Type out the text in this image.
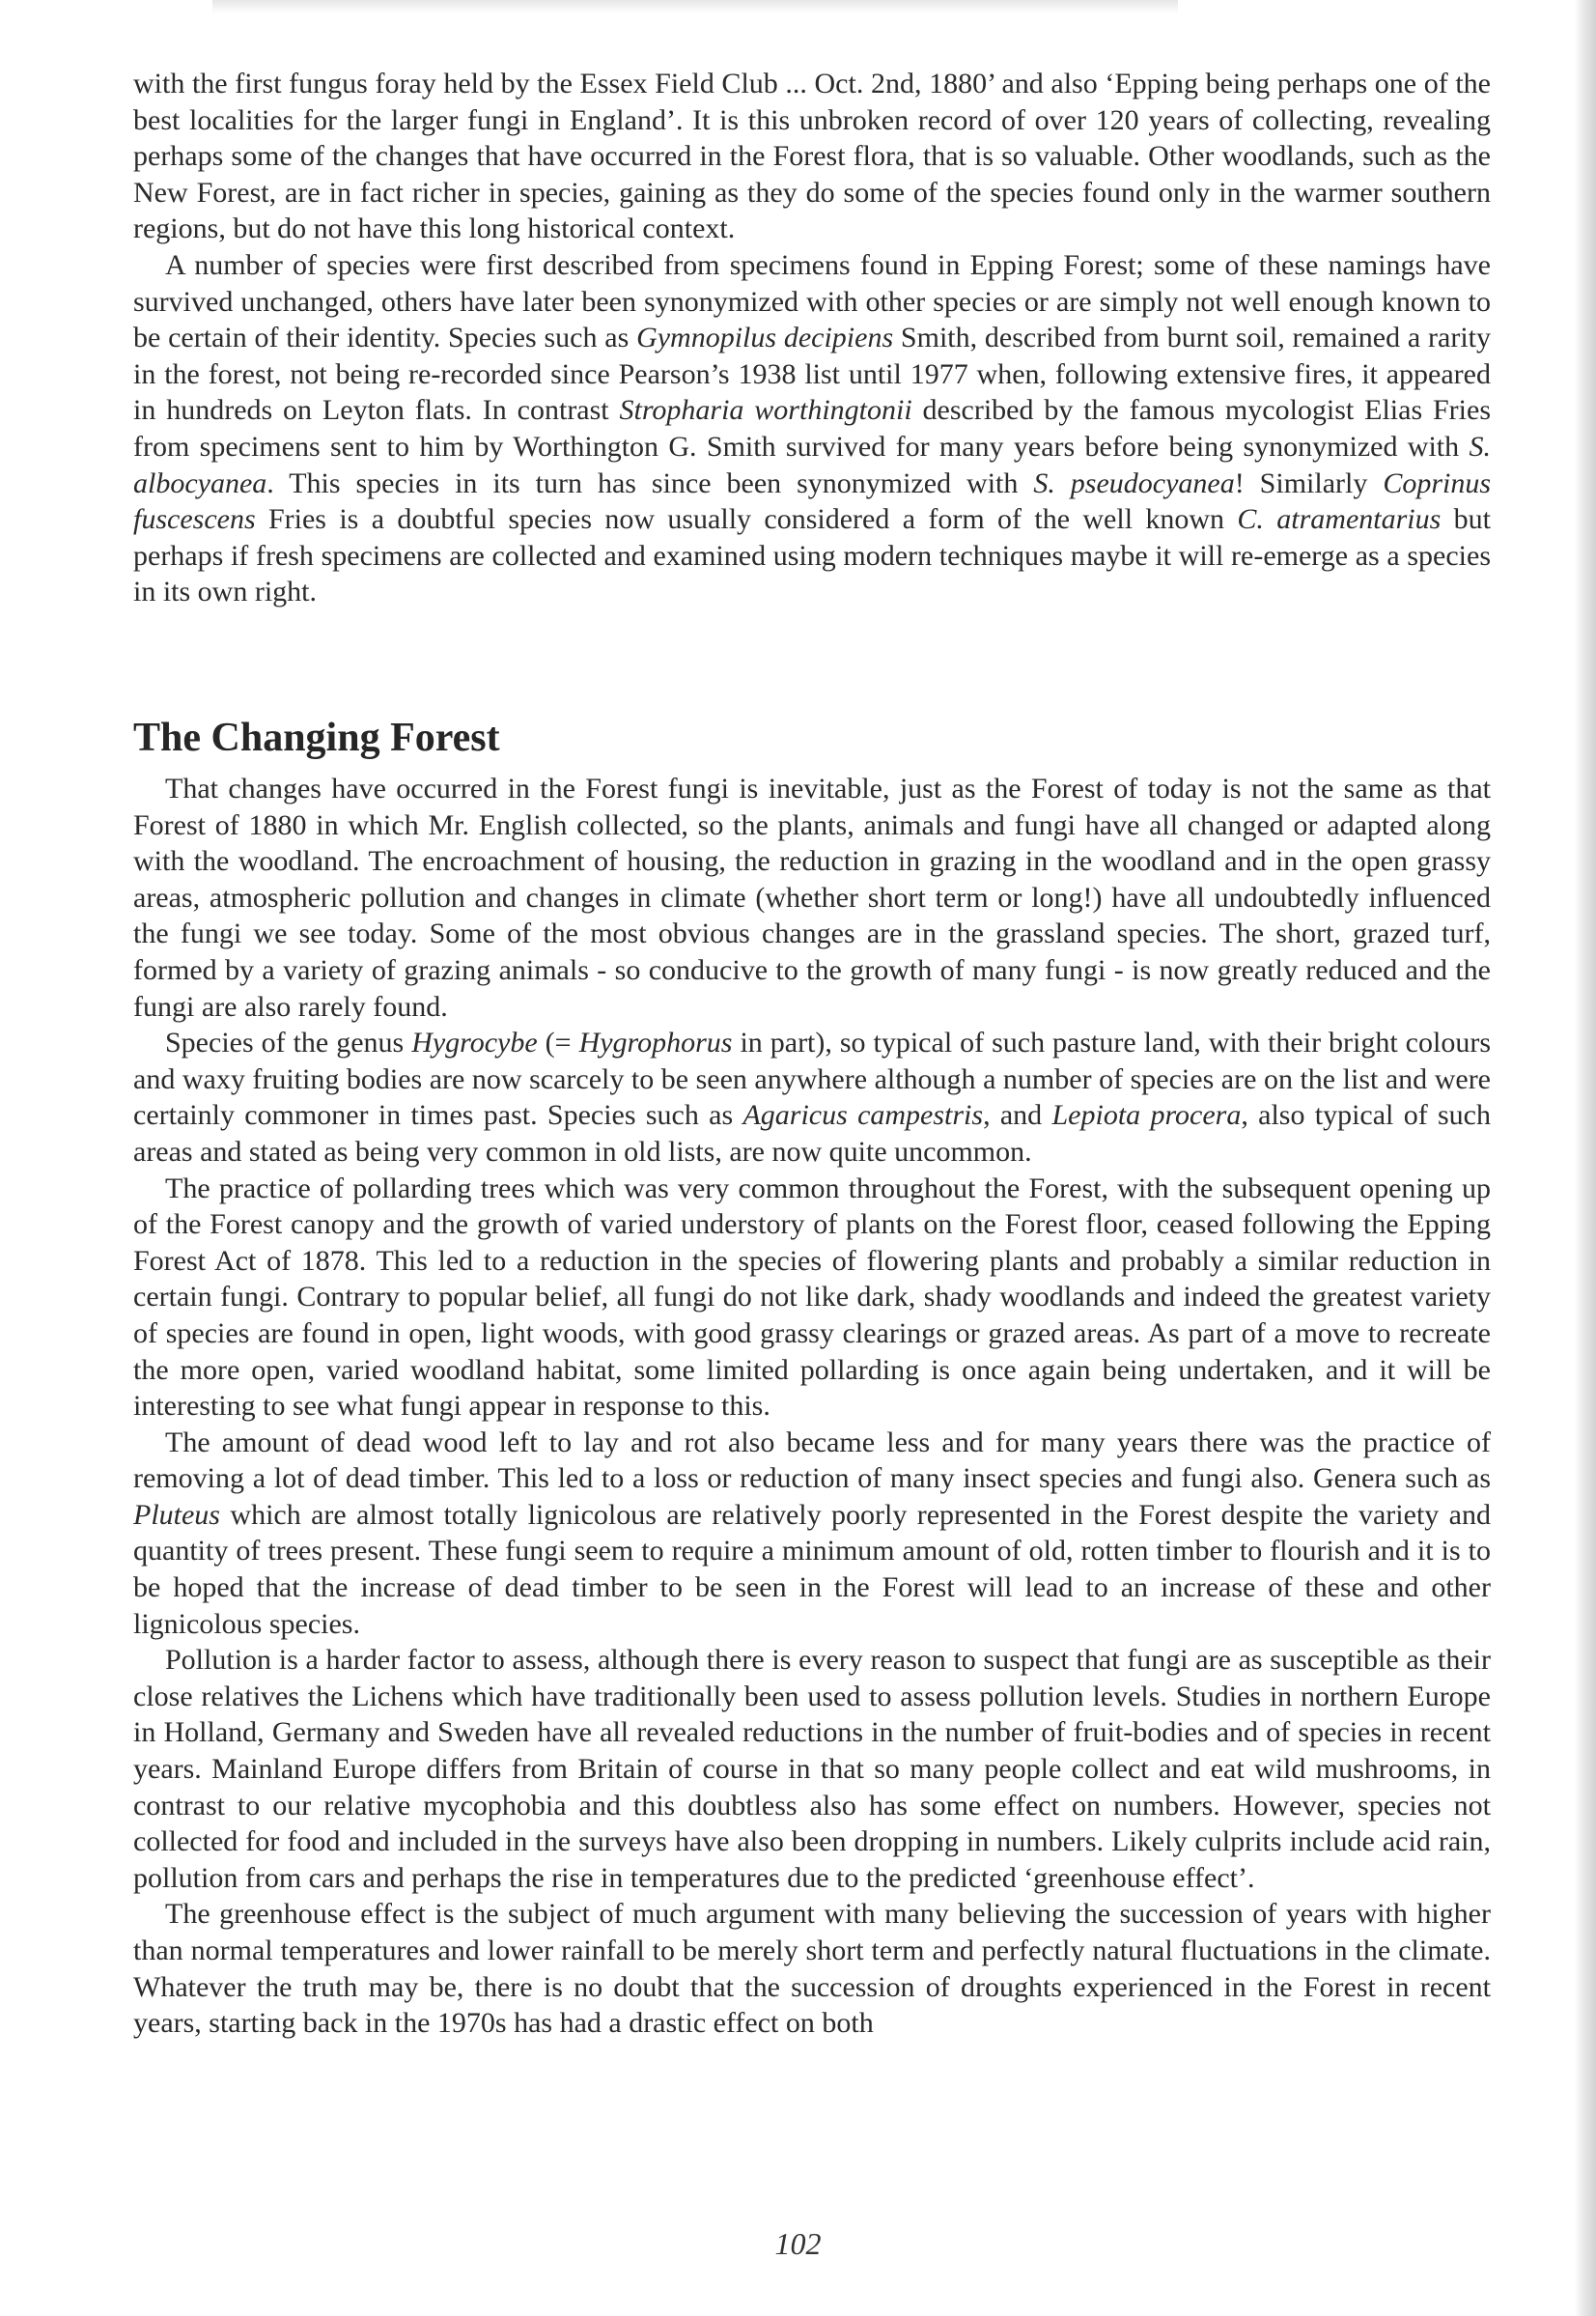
with the first fungus foray held by the Essex Field Club ... Oct. 2nd, 1880’ and also ‘Epping being perhaps one of the best localities for the larger fungi in England’. It is this unbroken record of over 120 years of collecting, revealing perhaps some of the changes that have occurred in the Forest flora, that is so valuable. Other woodlands, such as the New Forest, are in fact richer in species, gaining as they do some of the species found only in the warmer southern regions, but do not have this long historical context.

A number of species were first described from specimens found in Epping Forest; some of these namings have survived unchanged, others have later been synonymized with other species or are simply not well enough known to be certain of their identity. Species such as Gymnopilus decipiens Smith, described from burnt soil, remained a rarity in the forest, not being re-recorded since Pearson’s 1938 list until 1977 when, following extensive fires, it appeared in hundreds on Leyton flats. In contrast Stropharia worthingtonii described by the famous mycologist Elias Fries from specimens sent to him by Worthington G. Smith survived for many years before being synonymized with S. albocyanea. This species in its turn has since been synonymized with S. pseudocyanea! Similarly Coprinus fuscescens Fries is a doubtful species now usually considered a form of the well known C. atramentarius but perhaps if fresh specimens are collected and examined using modern techniques maybe it will re-emerge as a species in its own right.

The Changing Forest

That changes have occurred in the Forest fungi is inevitable, just as the Forest of today is not the same as that Forest of 1880 in which Mr. English collected, so the plants, animals and fungi have all changed or adapted along with the woodland. The encroachment of housing, the reduction in grazing in the woodland and in the open grassy areas, atmospheric pollution and changes in climate (whether short term or long!) have all undoubtedly influenced the fungi we see today. Some of the most obvious changes are in the grassland species. The short, grazed turf, formed by a variety of grazing animals - so conducive to the growth of many fungi - is now greatly reduced and the fungi are also rarely found.

Species of the genus Hygrocybe (= Hygrophorus in part), so typical of such pasture land, with their bright colours and waxy fruiting bodies are now scarcely to be seen anywhere although a number of species are on the list and were certainly commoner in times past. Species such as Agaricus campestris, and Lepiota procera, also typical of such areas and stated as being very common in old lists, are now quite uncommon.

The practice of pollarding trees which was very common throughout the Forest, with the subsequent opening up of the Forest canopy and the growth of varied understory of plants on the Forest floor, ceased following the Epping Forest Act of 1878. This led to a reduction in the species of flowering plants and probably a similar reduction in certain fungi. Contrary to popular belief, all fungi do not like dark, shady woodlands and indeed the greatest variety of species are found in open, light woods, with good grassy clearings or grazed areas. As part of a move to recreate the more open, varied woodland habitat, some limited pollarding is once again being undertaken, and it will be interesting to see what fungi appear in response to this.

The amount of dead wood left to lay and rot also became less and for many years there was the practice of removing a lot of dead timber. This led to a loss or reduction of many insect species and fungi also. Genera such as Pluteus which are almost totally lignicolous are relatively poorly represented in the Forest despite the variety and quantity of trees present. These fungi seem to require a minimum amount of old, rotten timber to flourish and it is to be hoped that the increase of dead timber to be seen in the Forest will lead to an increase of these and other lignicolous species.

Pollution is a harder factor to assess, although there is every reason to suspect that fungi are as susceptible as their close relatives the Lichens which have traditionally been used to assess pollution levels. Studies in northern Europe in Holland, Germany and Sweden have all revealed reductions in the number of fruit-bodies and of species in recent years. Mainland Europe differs from Britain of course in that so many people collect and eat wild mushrooms, in contrast to our relative mycophobia and this doubtless also has some effect on numbers. However, species not collected for food and included in the surveys have also been dropping in numbers. Likely culprits include acid rain, pollution from cars and perhaps the rise in temperatures due to the predicted ‘greenhouse effect’.

The greenhouse effect is the subject of much argument with many believing the succession of years with higher than normal temperatures and lower rainfall to be merely short term and perfectly natural fluctuations in the climate. Whatever the truth may be, there is no doubt that the succession of droughts experienced in the Forest in recent years, starting back in the 1970s has had a drastic effect on both

102
